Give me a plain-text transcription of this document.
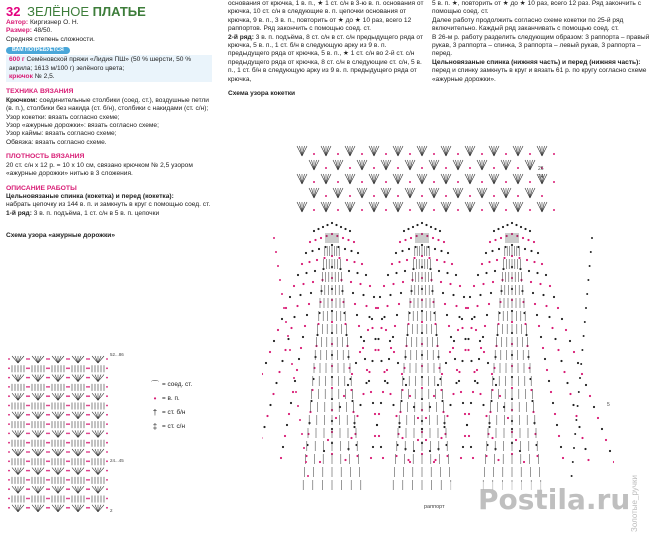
32 ЗЕЛЁНОЕ ПЛАТЬЕ
Автор: Киргизнер О. Н.
Размер: 48/50.
Средняя степень сложности.
ВАМ ПОТРЕБУЕТСЯ
600 г Семёновской пряжи «Лидия ПШ» (50 % шерсти, 50 % акрила; 1613 м/100 г) зелёного цвета;
крючок № 2,5.
ТЕХНИКА ВЯЗАНИЯ
Крючком: соединительные столбики (соед. ст.), воздушные петли (в. п.), столбики без накида (ст. б/н), столбики с накидами (ст. с/н);
Узор кокетки: вязать согласно схеме;
Узор «ажурные дорожки»: вязать согласно схеме;
Узор каймы: вязать согласно схеме;
Обвязка: вязать согласно схеме.
ПЛОТНОСТЬ ВЯЗАНИЯ
20 ст. с/н х 12 р. = 10 х 10 см, связано крючком № 2,5 узором «ажурные дорожки» нитью в 3 сложения.
ОПИСАНИЕ РАБОТЫ
Цельновязаные спинка (кокетка) и перед (кокетка):
набрать цепочку из 144 в. п. и замкнуть в круг с помощью соед. ст.
1-й ряд: 3 в. п. подъёма, 1 ст. с/н в 5 в. п. цепочки
Схема узора «ажурные дорожки»
основания от крючка, 1 в. п., ★ 1 ст. с/н в 3-ю в. п. основания от крючка, 10 ст. с/н в следующие в. п. цепочки основания от крючка, 9 в. п., 3 в. п., повторить от ★ до ★ 10 раз, всего 12 раппортов. Ряд закончить с помощью соед. ст.
2-й ряд: 3 в. п. подъёма, 8 ст. с/н в ст. с/н предыдущего ряда от крючка, 5 в. п., 1 ст. б/н в следующую арку из 9 в. п. предыдущего ряда от крючка, 5 в. п., ★ 1 ст. с/н во 2-й ст. с/н предыдущего ряда от крючка, 8 ст. с/н в следующие ст. с/н, 5 в. п., 1 ст. б/н в следующую арку из 9 в. п. предыдущего ряда от крючка,
Схема узора кокетки
5 в. п. ★, повторить от ★ до ★ 10 раз, всего 12 раз. Ряд закончить с помощью соед. ст.
Далее работу продолжить согласно схеме кокетки по 25-й ряд включительно. Каждый ряд заканчивать с помощью соед. ст.
В 26-м р. работу разделить следующим образом: 3 раппорта – правый рукав, 3 раппорта – спинка, 3 раппорта – левый рукав, 3 раппорта – перед.
Цельновязаные спинка (нижняя часть) и перед (нижняя часть): перед и спинку замкнуть в круг и вязать 61 р. по кругу согласно схеме «ажурные дорожки».
52...86
24...45
2
⌒ = соед. ст.
• = в. п.
† = ст. б/н
‡ = ст. с/н
26
24
5
раппорт Postila.ru Золотые_ручки
